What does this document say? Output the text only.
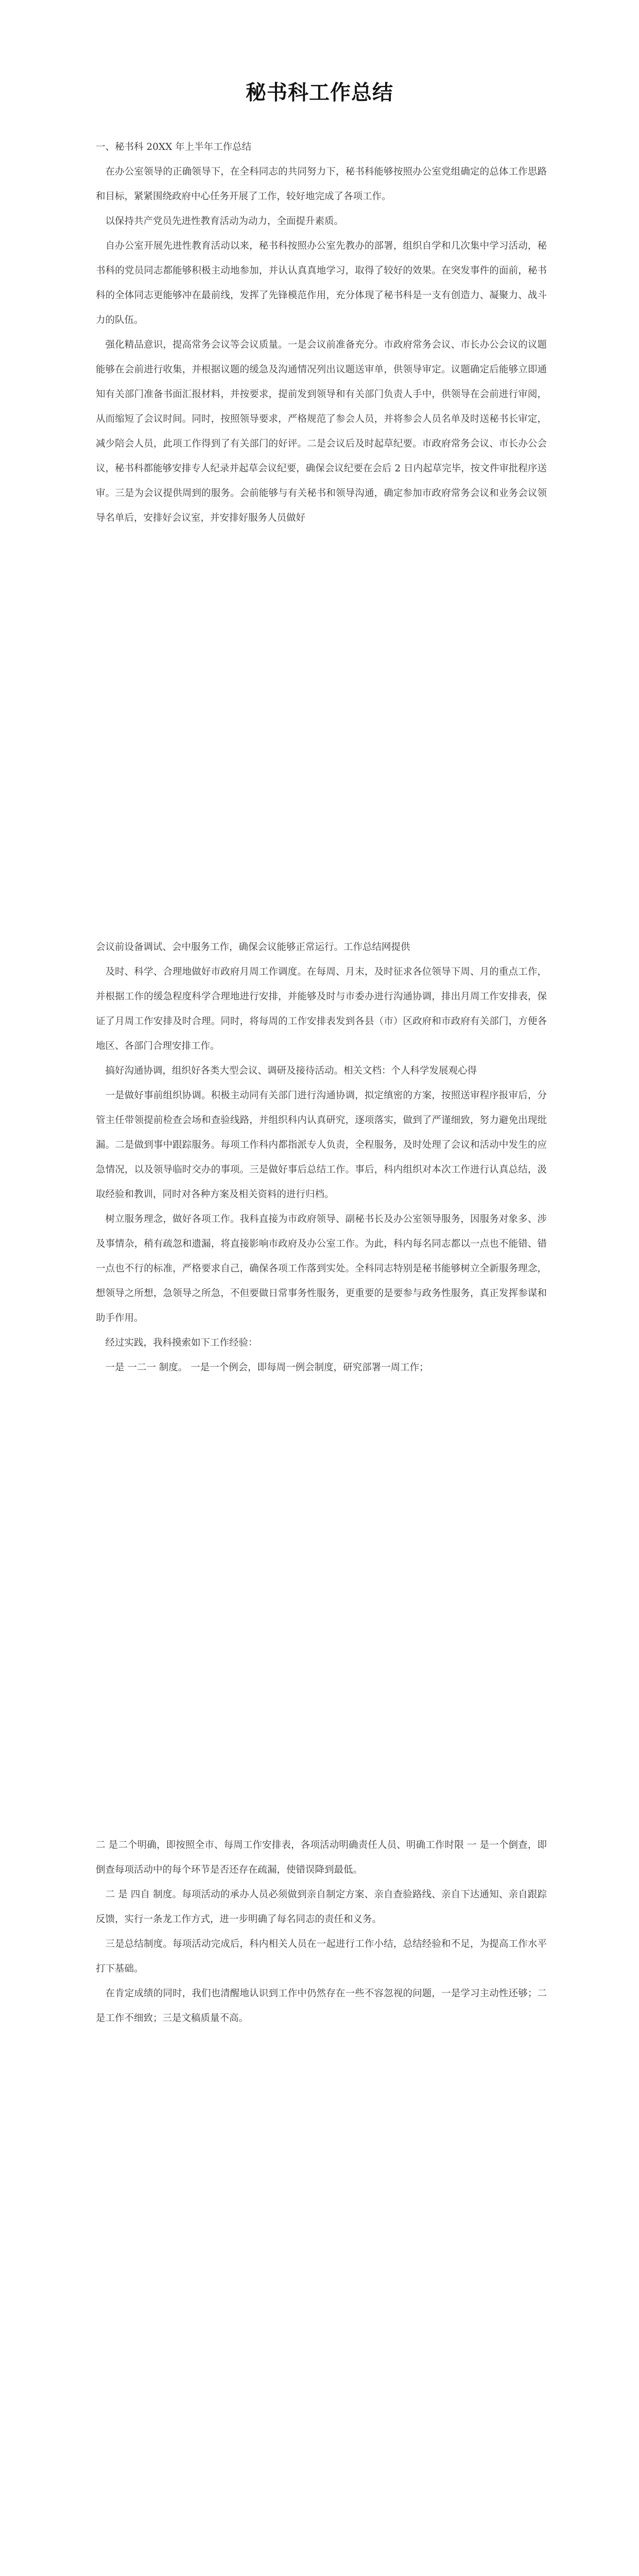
秘书科工作总结

一、秘书科 20XX 年上半年工作总结

在办公室领导的正确领导下，在全科同志的共同努力下，秘书科能够按照办公室党组确定的总体工作思路和目标，紧紧围绕政府中心任务开展了工作，较好地完成了各项工作。

以保持共产党员先进性教育活动为动力，全面提升素质。

自办公室开展先进性教育活动以来，秘书科按照办公室先教办的部署，组织自学和几次集中学习活动，秘书科的党员同志都能够积极主动地参加，并认认真真地学习，取得了较好的效果。在突发事件的面前，秘书科的全体同志更能够冲在最前线，发挥了先锋模范作用，充分体现了秘书科是一支有创造力、凝聚力、战斗力的队伍。

强化精品意识，提高常务会议等会议质量。一是会议前准备充分。市政府常务会议、市长办公会议的议题能够在会前进行收集，并根据议题的缓急及沟通情况列出议题送审单，供领导审定。议题确定后能够立即通知有关部门准备书面汇报材料，并按要求，提前发到领导和有关部门负责人手中，供领导在会前进行审阅，从而缩短了会议时间。同时，按照领导要求，严格规范了参会人员，并将参会人员名单及时送秘书长审定，减少陪会人员，此项工作得到了有关部门的好评。二是会议后及时起草纪要。市政府常务会议、市长办公会议，秘书科都能够安排专人纪录并起草会议纪要，确保会议纪要在会后 2 日内起草完毕，按文件审批程序送审。三是为会议提供周到的服务。会前能够与有关秘书和领导沟通，确定参加市政府常务会议和业务会议领导名单后，安排好会议室，并安排好服务人员做好

会议前设备调试、会中服务工作，确保会议能够正常运行。工作总结网提供

及时、科学、合理地做好市政府月周工作调度。在每周、月末，及时征求各位领导下周、月的重点工作，并根据工作的缓急程度科学合理地进行安排，并能够及时与市委办进行沟通协调，排出月周工作安排表，保证了月周工作安排及时合理。同时，将每周的工作安排表发到各县（市）区政府和市政府有关部门，方便各地区、各部门合理安排工作。

搞好沟通协调，组织好各类大型会议、调研及接待活动。相关文档：个人科学发展观心得

一是做好事前组织协调。积极主动同有关部门进行沟通协调，拟定缜密的方案，按照送审程序报审后，分管主任带领提前检查会场和查验线路，并组织科内认真研究，逐项落实，做到了严谨细致，努力避免出现纰漏。二是做到事中跟踪服务。每项工作科内都指派专人负责，全程服务，及时处理了会议和活动中发生的应急情况，以及领导临时交办的事项。三是做好事后总结工作。事后，科内组织对本次工作进行认真总结，汲取经验和教训，同时对各种方案及相关资料的进行归档。

树立服务理念，做好各项工作。我科直接为市政府领导、副秘书长及办公室领导服务，因服务对象多、涉及事情杂，稍有疏忽和遗漏，将直接影响市政府及办公室工作。为此，科内每名同志都以一点也不能错、错一点也不行的标准，严格要求自己，确保各项工作落到实处。全科同志特别是秘书能够树立全新服务理念，想领导之所想，急领导之所急，不但要做日常事务性服务，更重要的是要参与政务性服务，真正发挥参谋和助手作用。

经过实践，我科摸索如下工作经验：

一是 一二一 制度。 一是一个例会，即每周一例会制度，研究部署一周工作；

二 是二个明确，即按照全市、每周工作安排表，各项活动明确责任人员、明确工作时限 一 是一个倒查，即倒查每项活动中的每个环节是否还存在疏漏，使错误降到最低。

二 是 四自 制度。每项活动的承办人员必须做到亲自制定方案、亲自查验路线、亲自下达通知、亲自跟踪反馈，实行一条龙工作方式，进一步明确了每名同志的责任和义务。

三是总结制度。每项活动完成后，科内相关人员在一起进行工作小结，总结经验和不足，为提高工作水平打下基础。

在肯定成绩的同时，我们也清醒地认识到工作中仍然存在一些不容忽视的问题，一是学习主动性还够；二是工作不细致；三是文稿质量不高。
